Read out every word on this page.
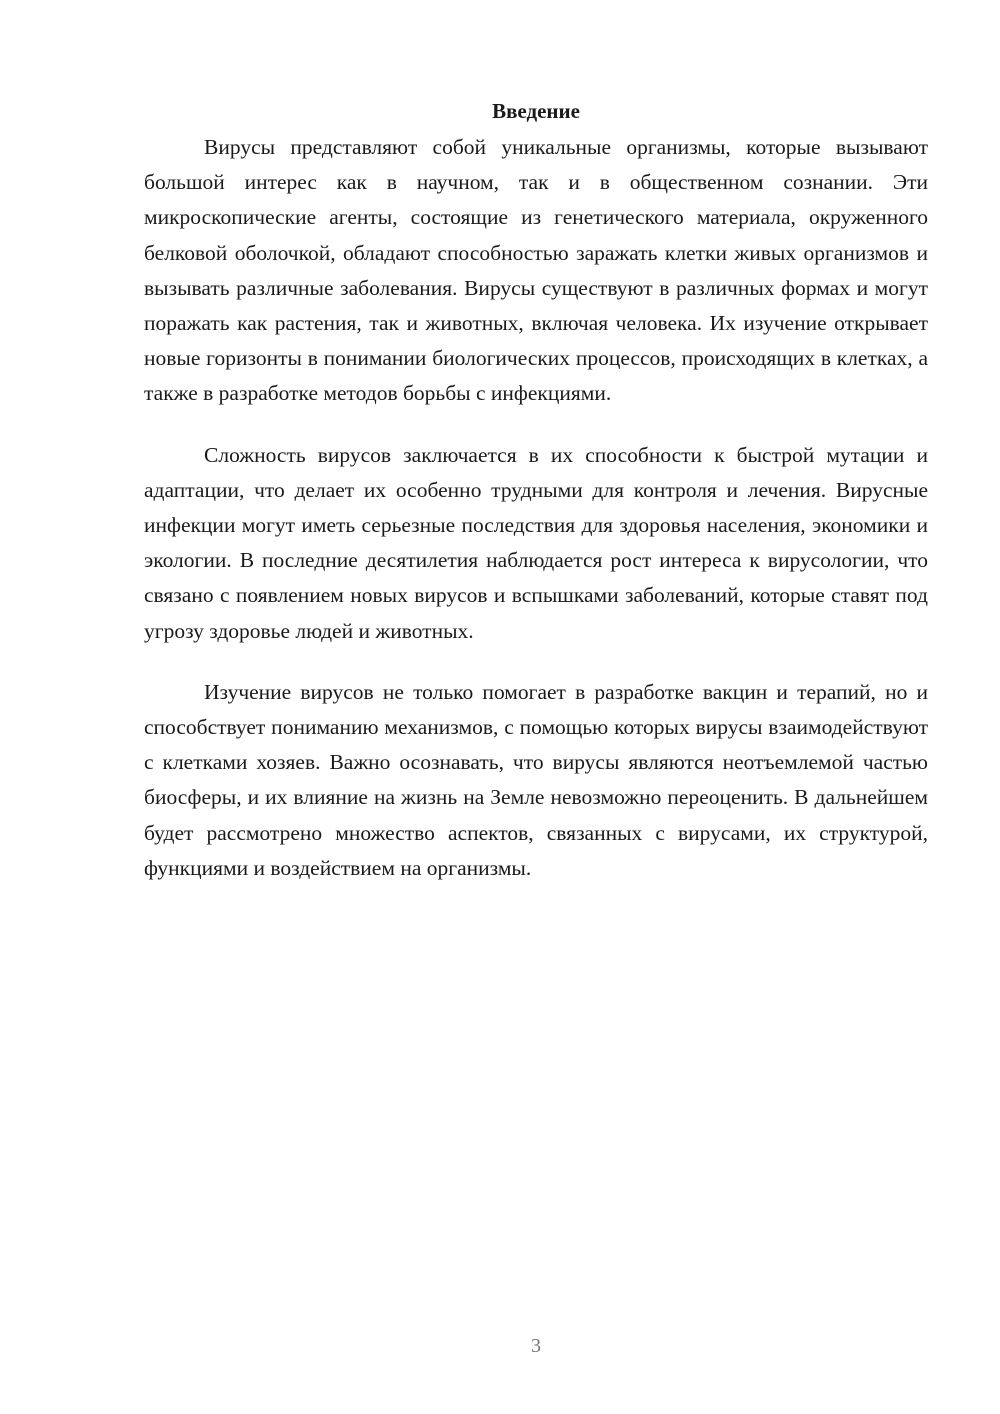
Введение

Вирусы представляют собой уникальные организмы, которые вызывают большой интерес как в научном, так и в общественном сознании. Эти микроскопические агенты, состоящие из генетического материала, окруженного белковой оболочкой, обладают способностью заражать клетки живых организмов и вызывать различные заболевания. Вирусы существуют в различных формах и могут поражать как растения, так и животных, включая человека. Их изучение открывает новые горизонты в понимании биологических процессов, происходящих в клетках, а также в разработке методов борьбы с инфекциями.

Сложность вирусов заключается в их способности к быстрой мутации и адаптации, что делает их особенно трудными для контроля и лечения. Вирусные инфекции могут иметь серьезные последствия для здоровья населения, экономики и экологии. В последние десятилетия наблюдается рост интереса к вирусологии, что связано с появлением новых вирусов и вспышками заболеваний, которые ставят под угрозу здоровье людей и животных.

Изучение вирусов не только помогает в разработке вакцин и терапий, но и способствует пониманию механизмов, с помощью которых вирусы взаимодействуют с клетками хозяев. Важно осознавать, что вирусы являются неотъемлемой частью биосферы, и их влияние на жизнь на Земле невозможно переоценить. В дальнейшем будет рассмотрено множество аспектов, связанных с вирусами, их структурой, функциями и воздействием на организмы.

3
